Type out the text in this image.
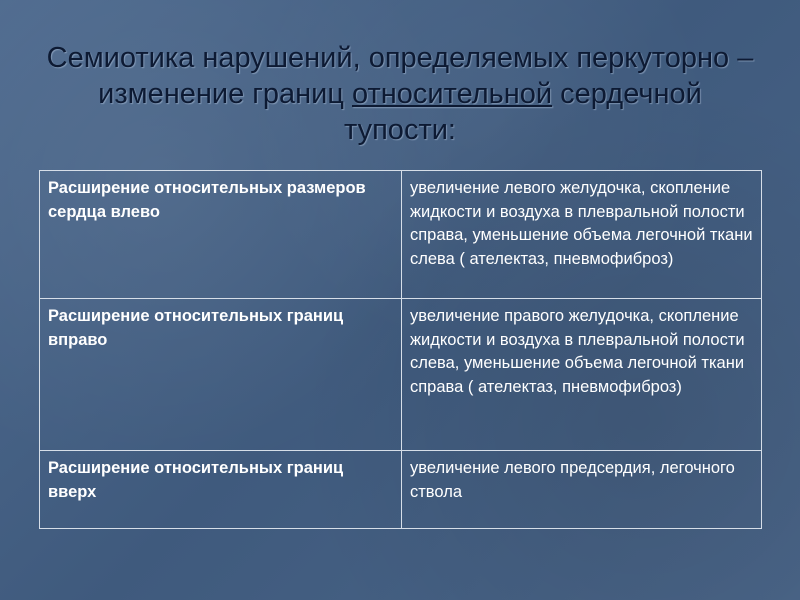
Семиотика нарушений, определяемых перкуторно – изменение границ относительной сердечной тупости:
Расширение относительных размеров сердца влево	увеличение левого желудочка, скопление жидкости и воздуха в плевральной полости справа, уменьшение объема легочной ткани слева ( ателектаз, пневмофиброз)
Расширение относительных границ вправо	увеличение правого желудочка, скопление жидкости и воздуха в плевральной полости слева, уменьшение объема легочной ткани справа ( ателектаз, пневмофиброз)
Расширение относительных границ вверх	увеличение левого предсердия, легочного ствола
